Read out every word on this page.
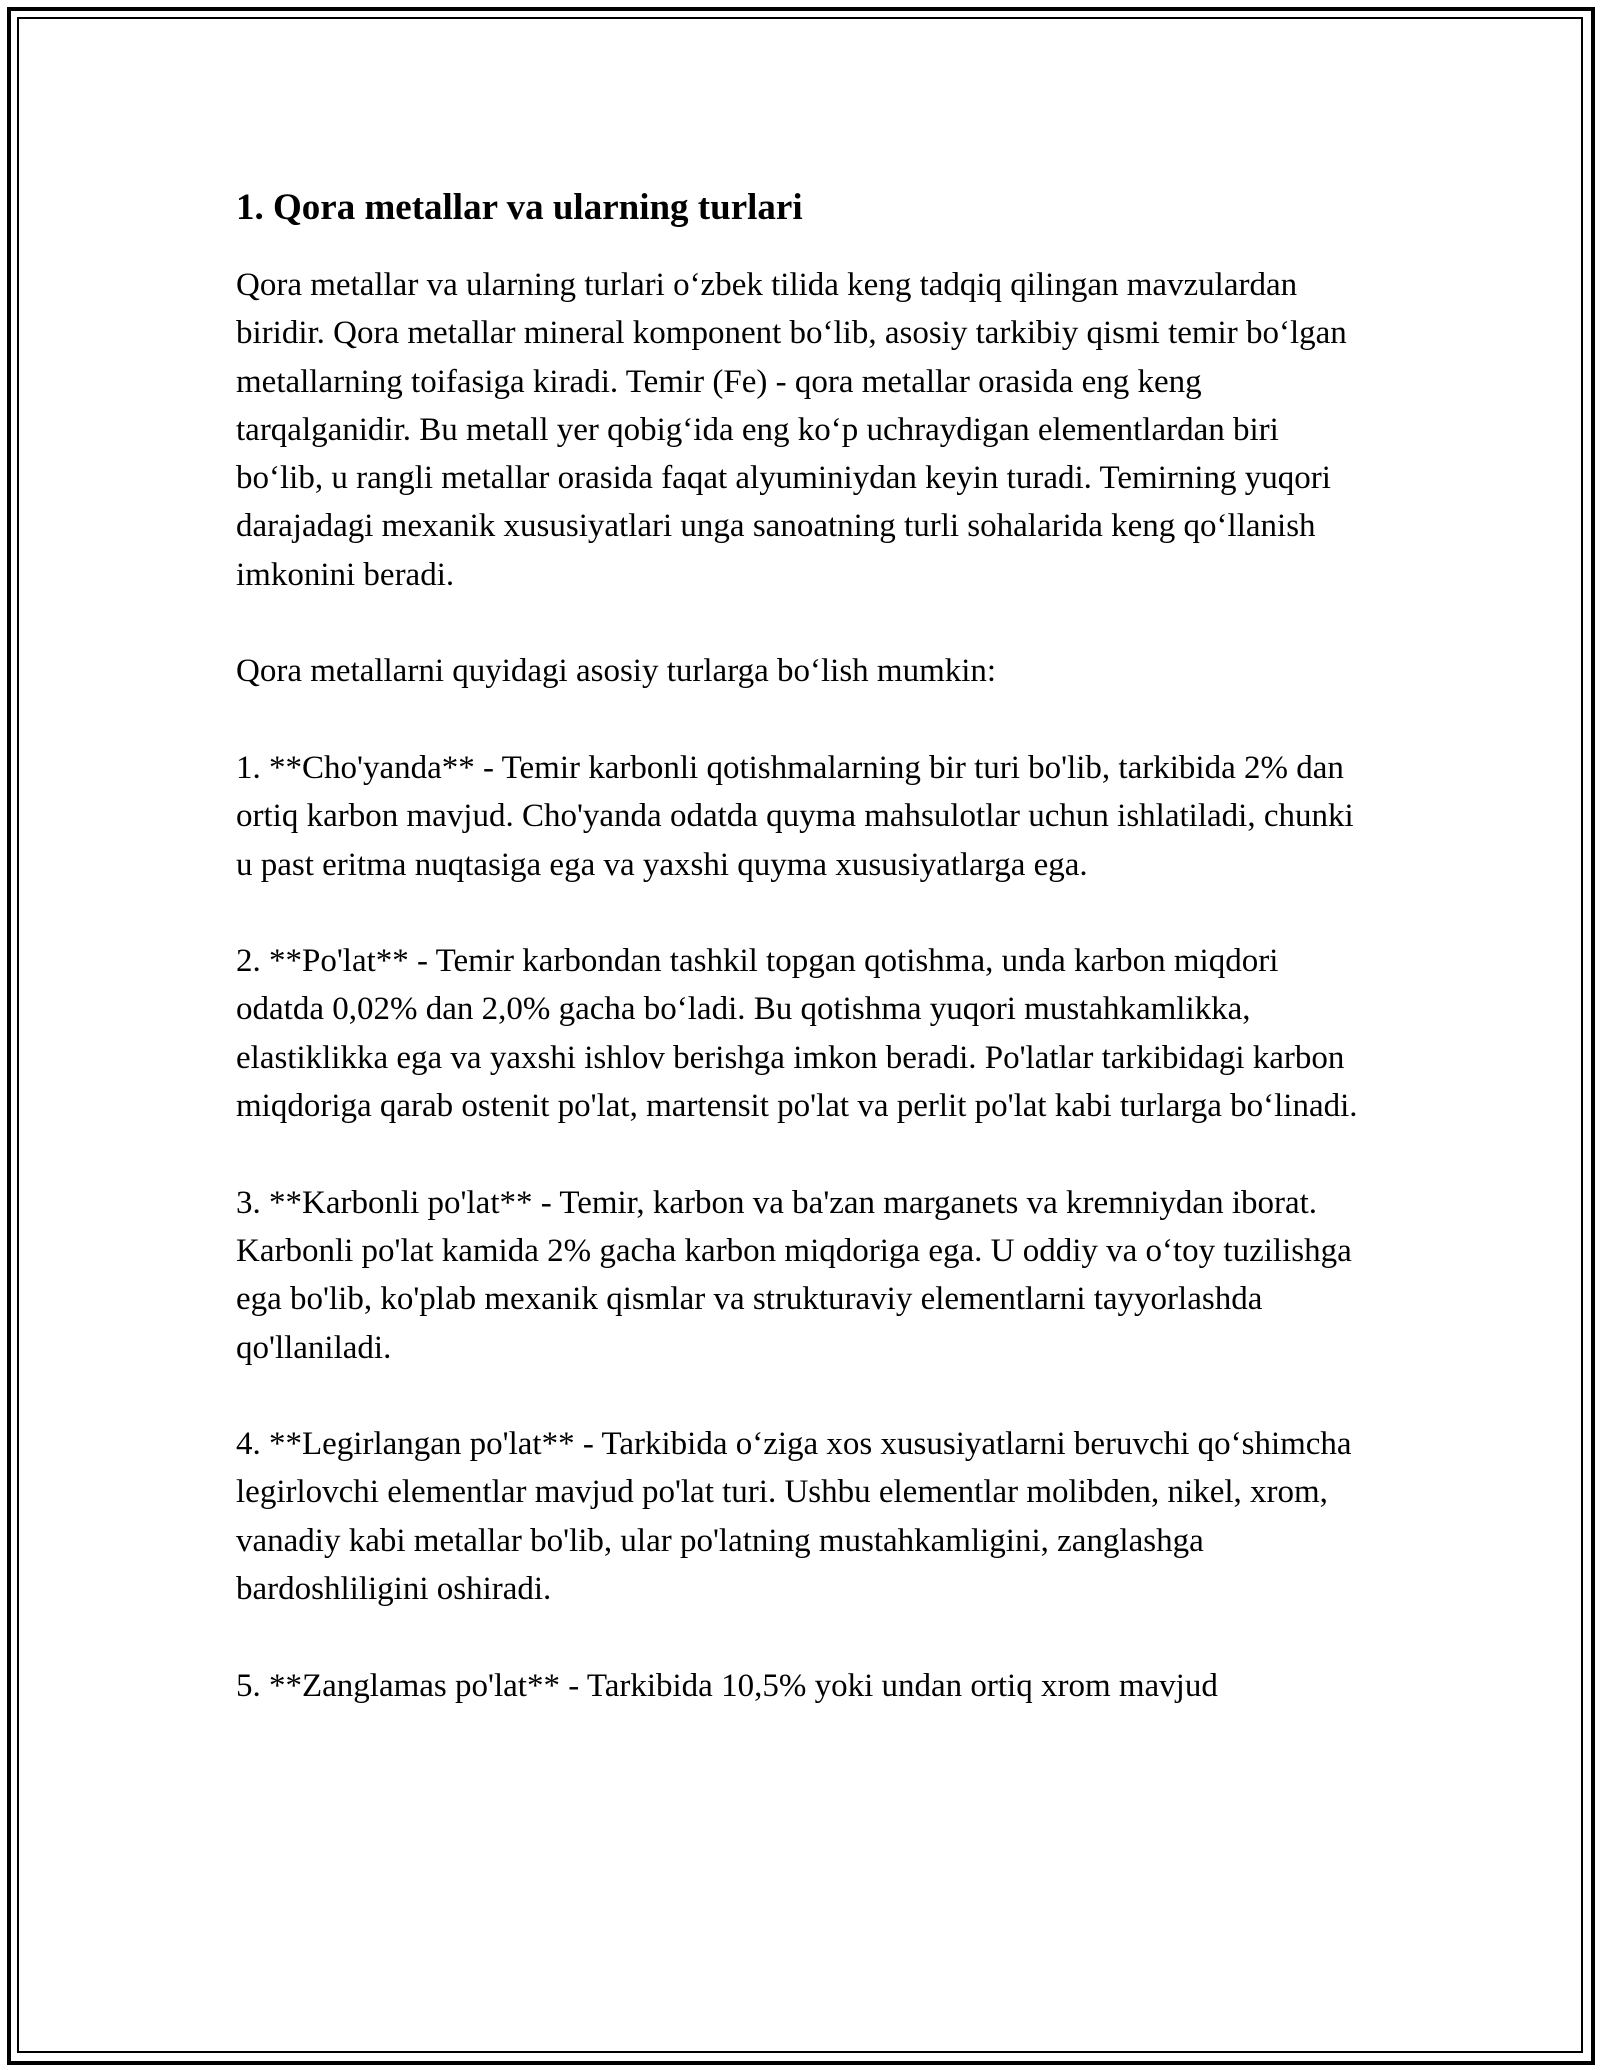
1. Qora metallar va ularning turlari

Qora metallar va ularning turlari o‘zbek tilida keng tadqiq qilingan mavzulardan biridir. Qora metallar mineral komponent bo‘lib, asosiy tarkibiy qismi temir bo‘lgan metallarning toifasiga kiradi. Temir (Fe) - qora metallar orasida eng keng tarqalganidir. Bu metall yer qobig‘ida eng ko‘p uchraydigan elementlardan biri bo‘lib, u rangli metallar orasida faqat alyuminiydan keyin turadi. Temirning yuqori darajadagi mexanik xususiyatlari unga sanoatning turli sohalarida keng qo‘llanish imkonini beradi.

Qora metallarni quyidagi asosiy turlarga bo‘lish mumkin:

1. **Cho'yanda** - Temir karbonli qotishmalarning bir turi bo'lib, tarkibida 2% dan ortiq karbon mavjud. Cho'yanda odatda quyma mahsulotlar uchun ishlatiladi, chunki u past eritma nuqtasiga ega va yaxshi quyma xususiyatlarga ega.

2. **Po'lat** - Temir karbondan tashkil topgan qotishma, unda karbon miqdori odatda 0,02% dan 2,0% gacha bo‘ladi. Bu qotishma yuqori mustahkamlikka, elastiklikka ega va yaxshi ishlov berishga imkon beradi. Po'latlar tarkibidagi karbon miqdoriga qarab ostenit po'lat, martensit po'lat va perlit po'lat kabi turlarga bo‘linadi.

3. **Karbonli po'lat** - Temir, karbon va ba'zan marganets va kremniydan iborat. Karbonli po'lat kamida 2% gacha karbon miqdoriga ega. U oddiy va o‘toy tuzilishga ega bo'lib, ko'plab mexanik qismlar va strukturaviy elementlarni tayyorlashda qo'llaniladi.

4. **Legirlangan po'lat** - Tarkibida o‘ziga xos xususiyatlarni beruvchi qo‘shimcha legirlovchi elementlar mavjud po'lat turi. Ushbu elementlar molibden, nikel, xrom, vanadiy kabi metallar bo'lib, ular po'latning mustahkamligini, zanglashga bardoshliligini oshiradi.

5. **Zanglamas po'lat** - Tarkibida 10,5% yoki undan ortiq xrom mavjud
